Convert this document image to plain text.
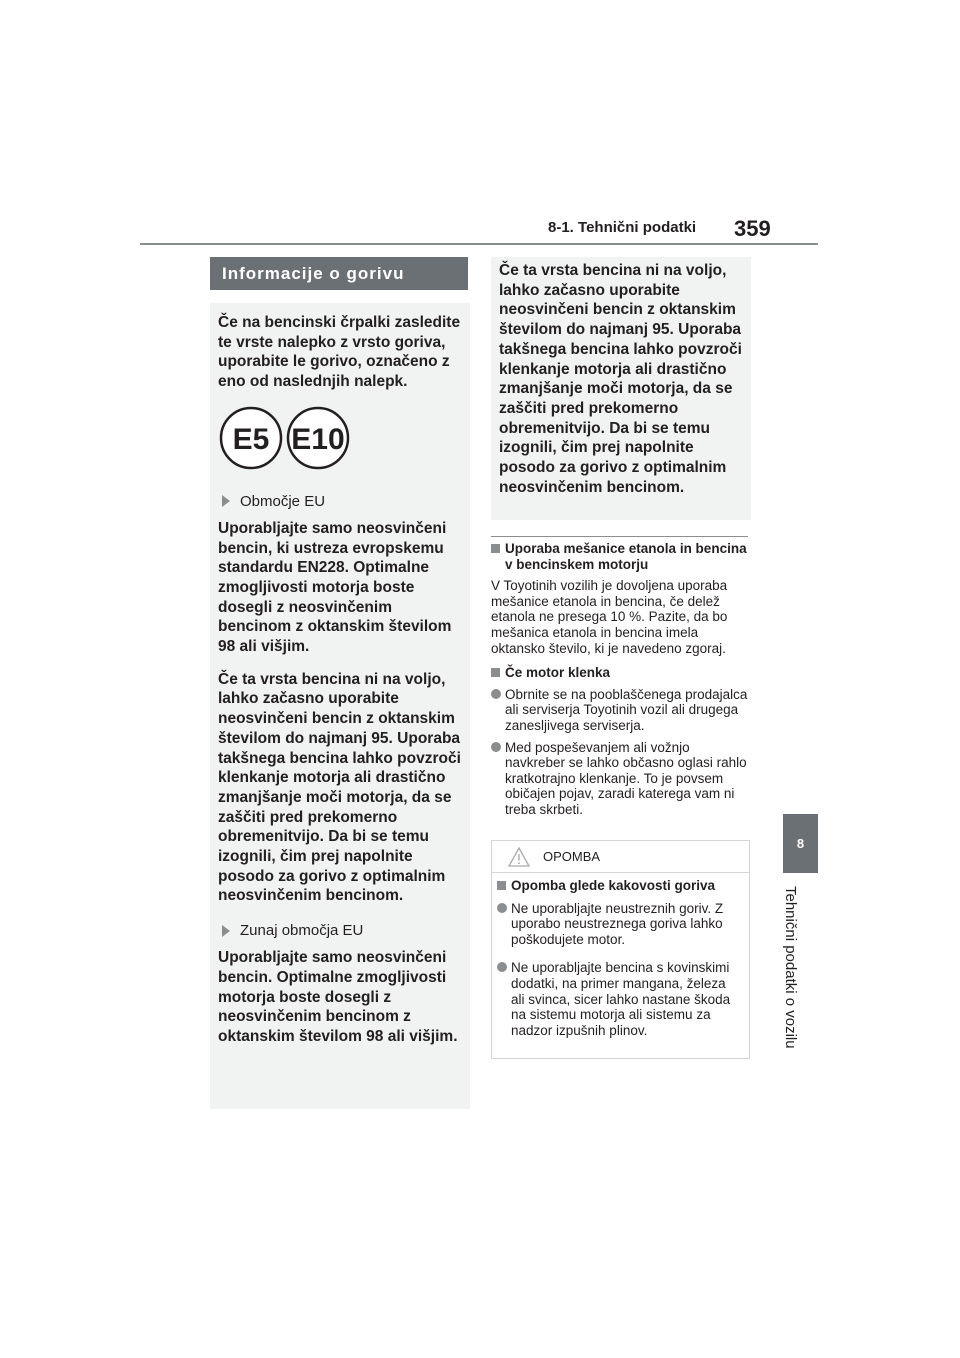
8-1. Tehnični podatki 359
8
Tehnični podatki o vozilu
Informacije o gorivu

Če na bencinski črpalki zasledite te vrste nalepko z vrsto goriva, uporabite le gorivo, označeno z eno od naslednjih nalepk.

E5 E10

Območje EU

Uporabljajte samo neosvinčeni bencin, ki ustreza evropskemu standardu EN228. Optimalne zmogljivosti motorja boste dosegli z neosvinčenim bencinom z oktanskim številom 98 ali višjim.

Če ta vrsta bencina ni na voljo, lahko začasno uporabite neosvinčeni bencin z oktanskim številom do najmanj 95. Uporaba takšnega bencina lahko povzroči klenkanje motorja ali drastično zmanjšanje moči motorja, da se zaščiti pred prekomerno obremenitvijo. Da bi se temu izognili, čim prej napolnite posodo za gorivo z optimalnim neosvinčenim bencinom.

Zunaj območja EU

Uporabljajte samo neosvinčeni bencin. Optimalne zmogljivosti motorja boste dosegli z neosvinčenim bencinom z oktanskim številom 98 ali višjim.

Če ta vrsta bencina ni na voljo, lahko začasno uporabite neosvinčeni bencin z oktanskim številom do najmanj 95. Uporaba takšnega bencina lahko povzroči klenkanje motorja ali drastično zmanjšanje moči motorja, da se zaščiti pred prekomerno obremenitvijo. Da bi se temu izognili, čim prej napolnite posodo za gorivo z optimalnim neosvinčenim bencinom.

Uporaba mešanice etanola in bencina v bencinskem motorju

V Toyotinih vozilih je dovoljena uporaba mešanice etanola in bencina, če delež etanola ne presega 10 %. Pazite, da bo mešanica etanola in bencina imela oktansko število, ki je navedeno zgoraj.

Če motor klenka

Obrnite se na pooblaščenega prodajalca ali serviserja Toyotinih vozil ali drugega zanesljivega serviserja.

Med pospeševanjem ali vožnjo navkreber se lahko občasno oglasi rahlo kratkotrajno klenkanje. To je povsem običajen pojav, zaradi katerega vam ni treba skrbeti.

OPOMBA

Opomba glede kakovosti goriva

Ne uporabljajte neustreznih goriv. Z uporabo neustreznega goriva lahko poškodujete motor.

Ne uporabljajte bencina s kovinskimi dodatki, na primer mangana, železa ali svinca, sicer lahko nastane škoda na sistemu motorja ali sistemu za nadzor izpušnih plinov.
